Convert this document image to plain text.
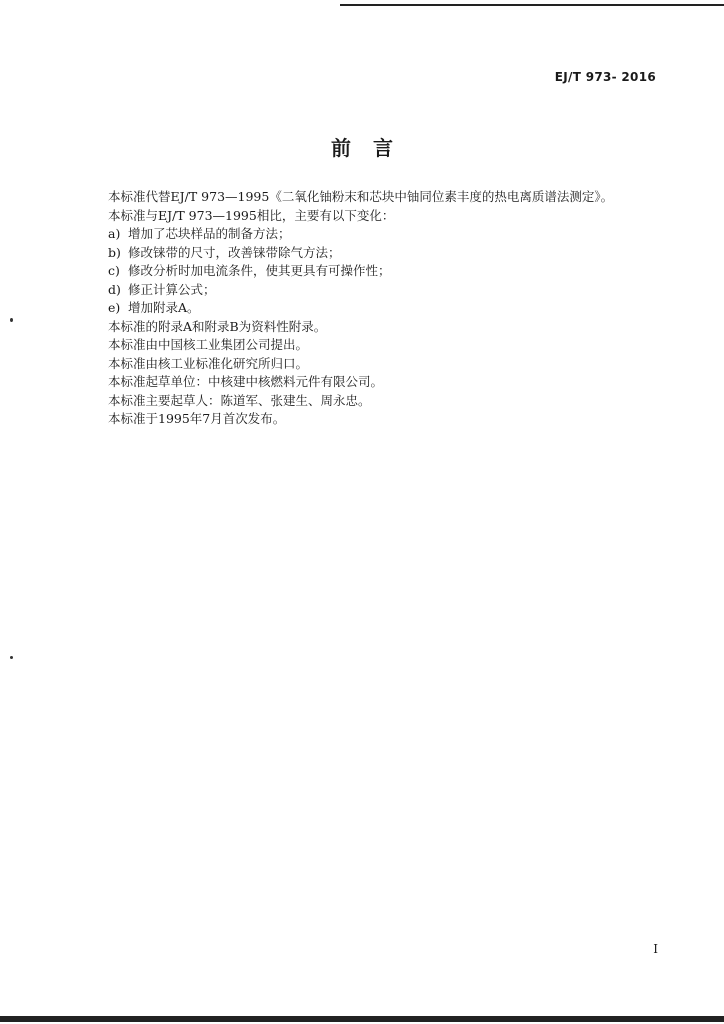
EJ/T 973- 2016
前言
本标准代替EJ/T 973—1995《二氧化铀粉末和芯块中铀同位素丰度的热电离质谱法测定》。
本标准与EJ/T 973—1995相比，主要有以下变化：
a) 增加了芯块样品的制备方法；
b) 修改铼带的尺寸，改善铼带除气方法；
c) 修改分析时加电流条件，使其更具有可操作性；
d) 修正计算公式；
e) 增加附录A。
本标准的附录A和附录B为资料性附录。
本标准由中国核工业集团公司提出。
本标准由核工业标准化研究所归口。
本标准起草单位：中核建中核燃料元件有限公司。
本标准主要起草人：陈道军、张建生、周永忠。
本标准于1995年7月首次发布。
I
